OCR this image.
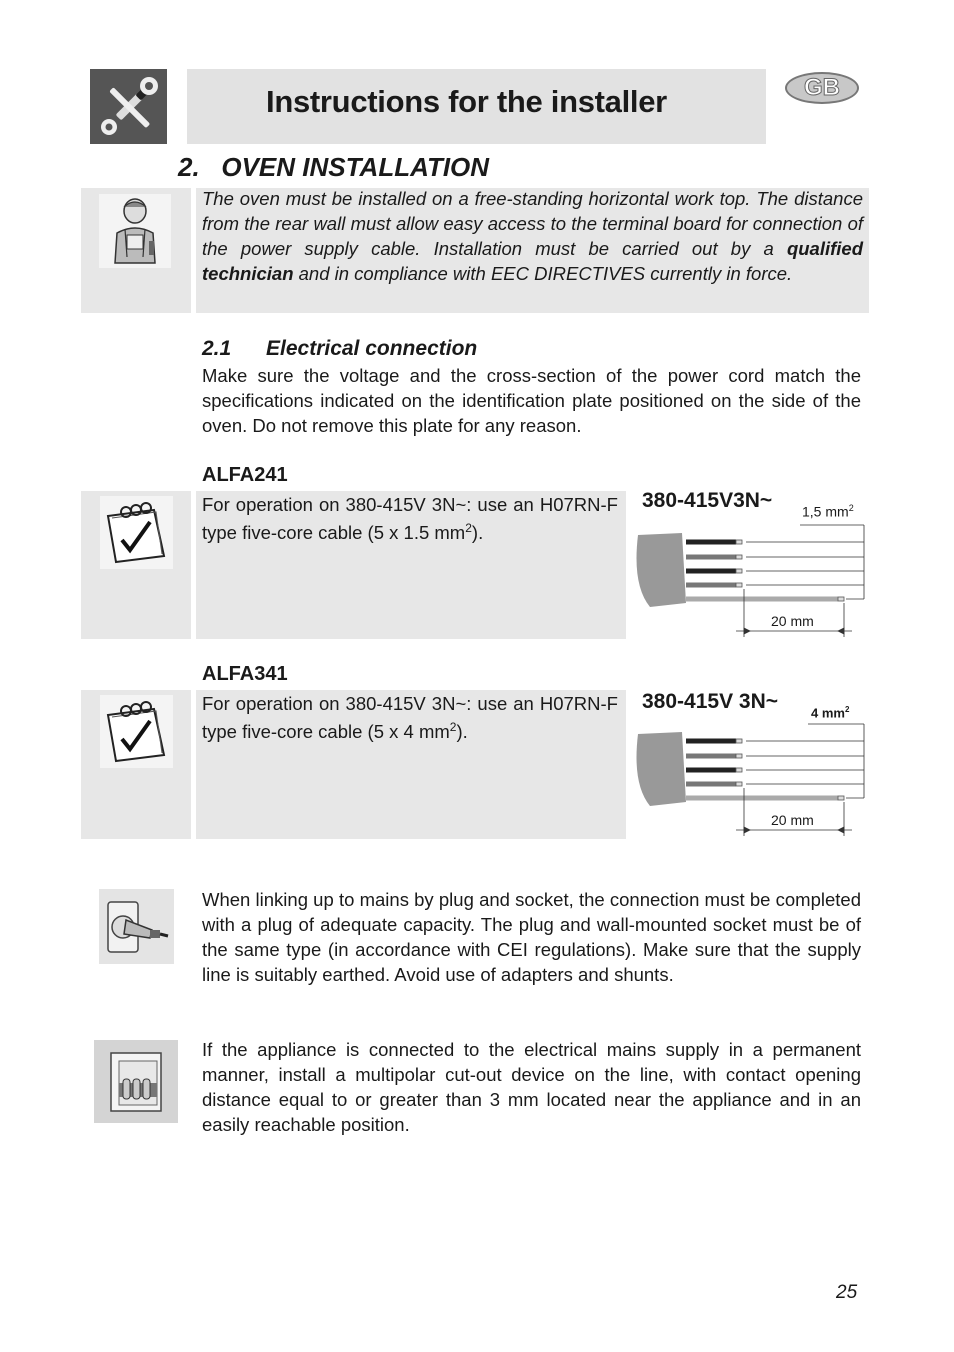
Instructions for the installer	GB
2.   OVEN INSTALLATION
The oven must be installed on a free-standing horizontal work top. The distance from the rear wall must allow easy access to the terminal board for connection of the power supply cable. Installation must be carried out by a qualified technician and in compliance with EEC DIRECTIVES currently in force.
2.1 Electrical connection
Make sure the voltage and the cross-section of the power cord match the specifications indicated on the identification plate positioned on the side of the oven. Do not remove this plate for any reason.
ALFA241
For operation on 380-415V 3N~: use an H07RN-F type five-core cable (5 x 1.5 $mm^2$).
380-415V3N~ 1,5 $mm^2$
20 mm
ALFA341
For operation on 380-415V 3N~: use an H07RN-F type five-core cable (5 x 4 $mm^2$).
380-415V 3N~	4 $mm^2$
20 mm
When linking up to mains by plug and socket, the connection must be completed with a plug of adequate capacity. The plug and wall-mounted socket must be of the same type (in accordance with CEI regulations). Make sure that the supply line is suitably earthed. Avoid use of adapters and shunts.
If the appliance is connected to the electrical mains supply in a permanent manner, install a multipolar cut-out device on the line, with contact opening distance equal to or greater than 3 mm located near the appliance and in an easily reachable position.
25
